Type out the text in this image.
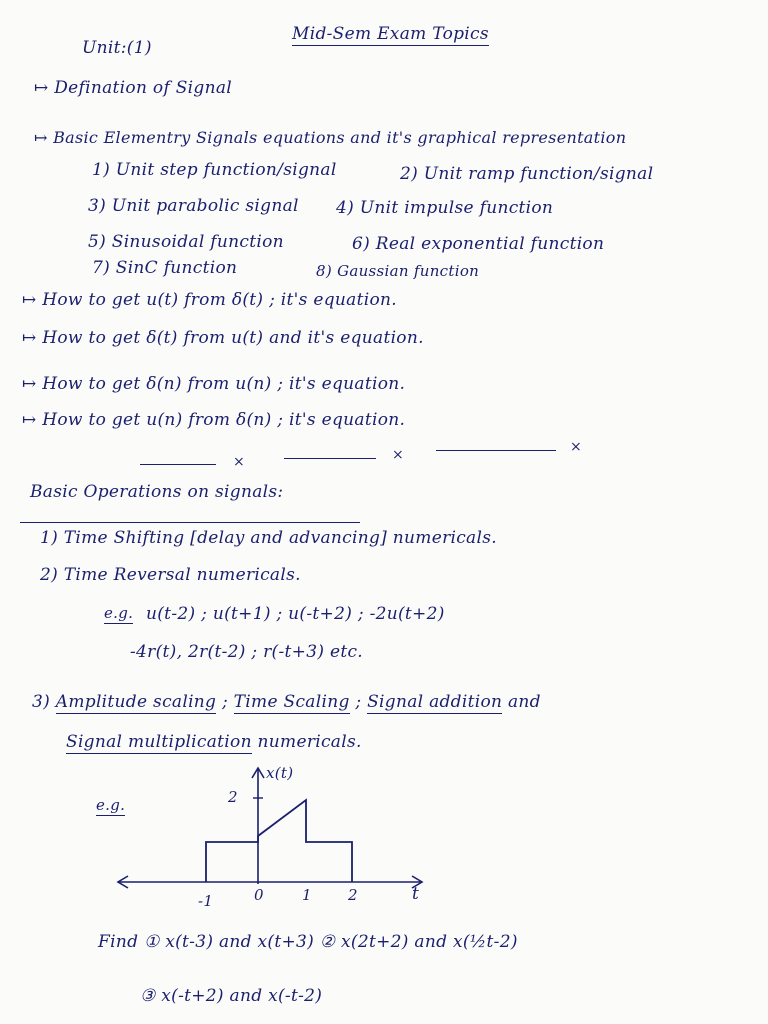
Unit:(1)
Mid-Sem Exam Topics
↦ Defination of Signal
↦ Basic Elementry Signals equations and it's graphical representation
1) Unit step function/signal	2) Unit ramp function/signal
3) Unit parabolic signal 4) Unit impulse function
5) Sinusoidal function	6) Real exponential function
7) SinC function	8) Gaussian function
↦ How to get u(t) from δ(t) ; it's equation.
↦ How to get δ(t) from u(t) and it's equation.
↦ How to get δ(n) from u(n) ; it's equation.
↦ How to get u(n) from δ(n) ; it's equation.
×	×	×
Basic Operations on signals:
1) Time Shifting [delay and advancing] numericals.
2) Time Reversal numericals.
e.g. u(t-2) ; u(t+1) ; u(-t+2) ; -2u(t+2)
-4r(t), 2r(t-2) ; r(-t+3) etc.
3) Amplitude scaling ; Time Scaling ; Signal addition and
Signal multiplication numericals.
e.g.
x(t)
2
-1	0	1 2	t
Find ① x(t-3) and x(t+3) ② x(2t+2) and x(½t-2)
③ x(-t+2) and x(-t-2)
